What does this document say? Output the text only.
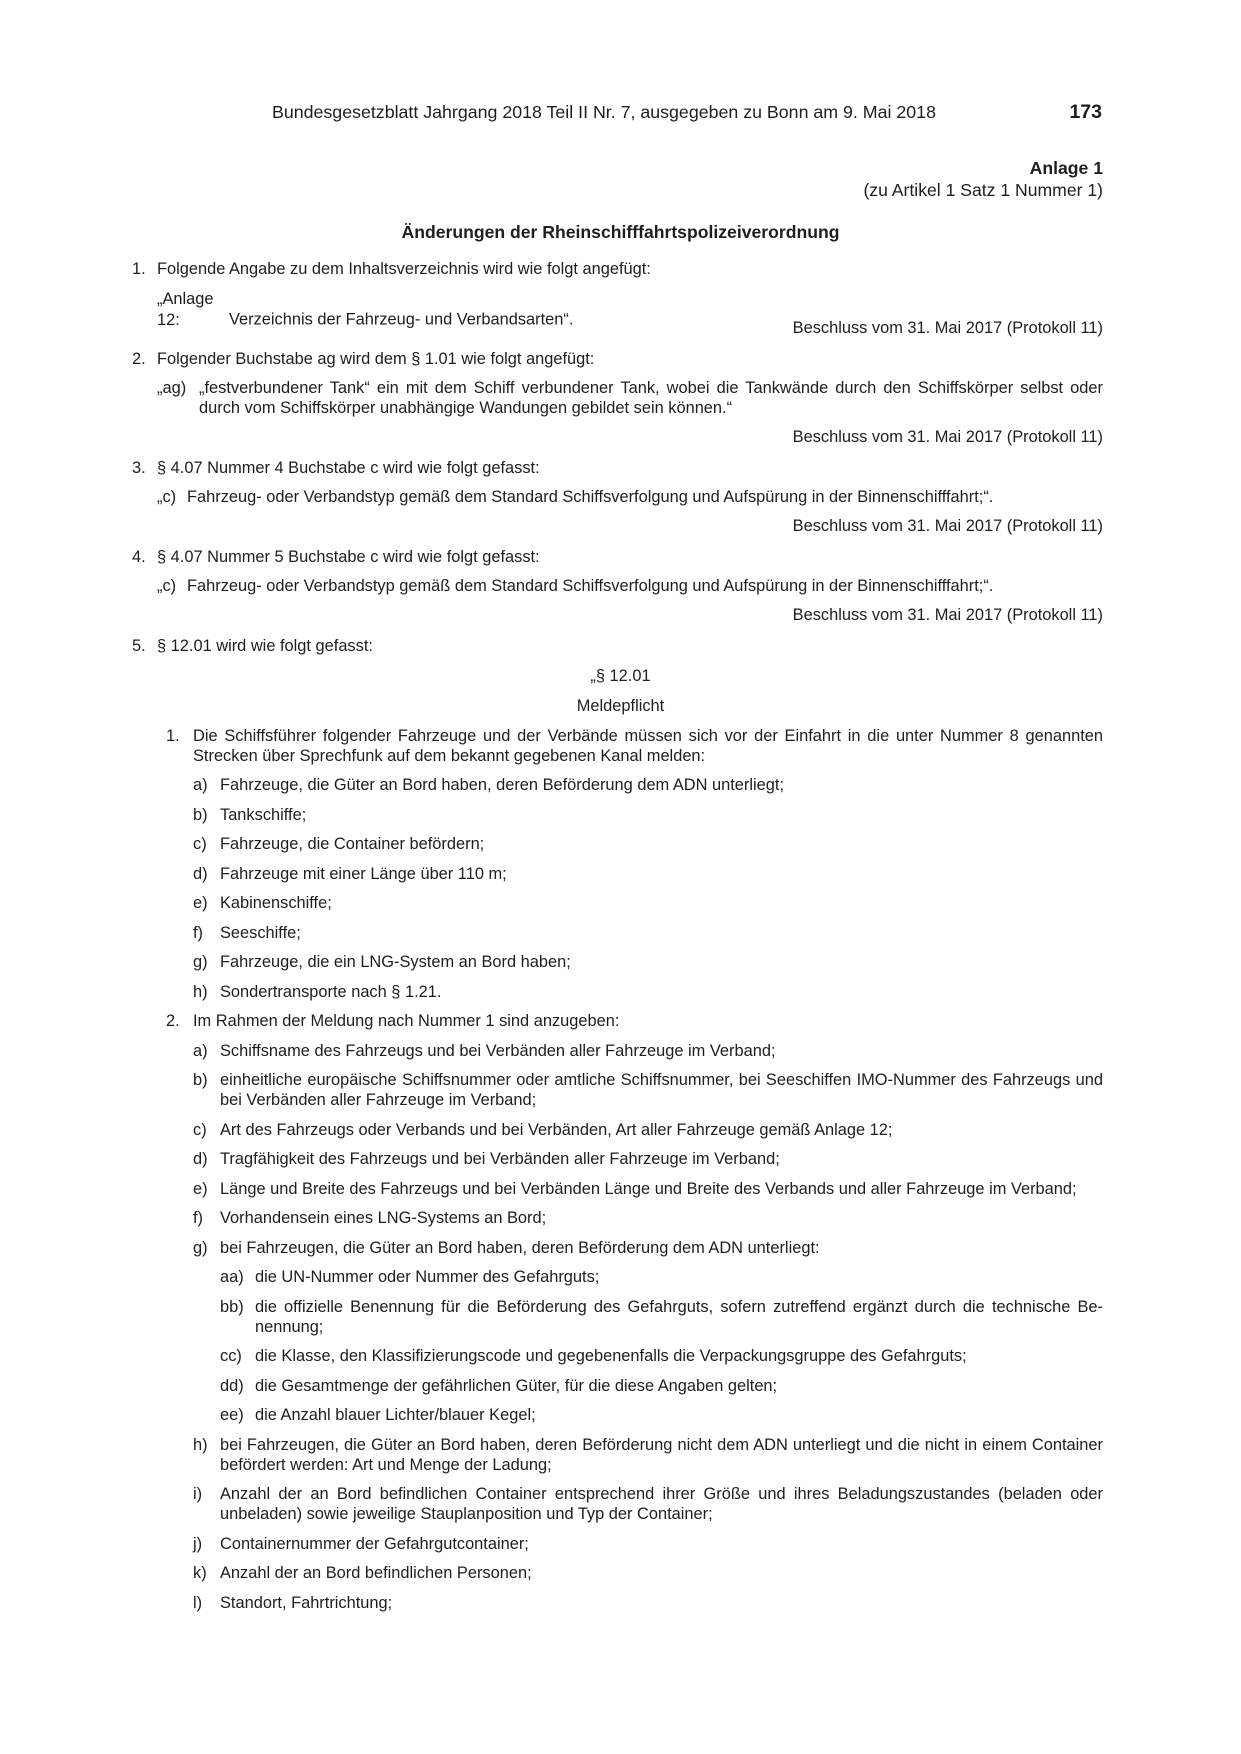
Bundesgesetzblatt Jahrgang 2018 Teil II Nr. 7, ausgegeben zu Bonn am 9. Mai 2018	173
Anlage 1
(zu Artikel 1 Satz 1 Nummer 1)
Änderungen der Rheinschifffahrtspolizeiverordnung
1. Folgende Angabe zu dem Inhaltsverzeichnis wird wie folgt angefügt:
„Anlage 12:	Verzeichnis der Fahrzeug- und Verbandsarten“.	Beschluss vom 31. Mai 2017 (Protokoll 11)
2. Folgender Buchstabe ag wird dem § 1.01 wie folgt angefügt:
„ag) „festverbundener Tank“ ein mit dem Schiff verbundener Tank, wobei die Tankwände durch den Schiffskörper selbst oder durch vom Schiffskörper unabhängige Wandungen gebildet sein können.“
Beschluss vom 31. Mai 2017 (Protokoll 11)
3. § 4.07 Nummer 4 Buchstabe c wird wie folgt gefasst:
„c) Fahrzeug- oder Verbandstyp gemäß dem Standard Schiffsverfolgung und Aufspürung in der Binnenschifffahrt;“.
Beschluss vom 31. Mai 2017 (Protokoll 11)
4. § 4.07 Nummer 5 Buchstabe c wird wie folgt gefasst:
„c) Fahrzeug- oder Verbandstyp gemäß dem Standard Schiffsverfolgung und Aufspürung in der Binnenschifffahrt;“.
Beschluss vom 31. Mai 2017 (Protokoll 11)
5. § 12.01 wird wie folgt gefasst:
„§ 12.01
Meldepflicht
1. Die Schiffsführer folgender Fahrzeuge und der Verbände müssen sich vor der Einfahrt in die unter Nummer 8 genannten Strecken über Sprechfunk auf dem bekannt gegebenen Kanal melden:
a) Fahrzeuge, die Güter an Bord haben, deren Beförderung dem ADN unterliegt;
b) Tankschiffe;
c) Fahrzeuge, die Container befördern;
d) Fahrzeuge mit einer Länge über 110 m;
e) Kabinenschiffe;
f) Seeschiffe;
g) Fahrzeuge, die ein LNG-System an Bord haben;
h) Sondertransporte nach § 1.21.
2. Im Rahmen der Meldung nach Nummer 1 sind anzugeben:
a) Schiffsname des Fahrzeugs und bei Verbänden aller Fahrzeuge im Verband;
b) einheitliche europäische Schiffsnummer oder amtliche Schiffsnummer, bei Seeschiffen IMO-Nummer des Fahrzeugs und bei Verbänden aller Fahrzeuge im Verband;
c) Art des Fahrzeugs oder Verbands und bei Verbänden, Art aller Fahrzeuge gemäß Anlage 12;
d) Tragfähigkeit des Fahrzeugs und bei Verbänden aller Fahrzeuge im Verband;
e) Länge und Breite des Fahrzeugs und bei Verbänden Länge und Breite des Verbands und aller Fahrzeuge im Verband;
f) Vorhandensein eines LNG-Systems an Bord;
g) bei Fahrzeugen, die Güter an Bord haben, deren Beförderung dem ADN unterliegt:
aa) die UN-Nummer oder Nummer des Gefahrguts;
bb) die offizielle Benennung für die Beförderung des Gefahrguts, sofern zutreffend ergänzt durch die technische Be-nennung;
cc) die Klasse, den Klassifizierungscode und gegebenenfalls die Verpackungsgruppe des Gefahrguts;
dd) die Gesamtmenge der gefährlichen Güter, für die diese Angaben gelten;
ee) die Anzahl blauer Lichter/blauer Kegel;
h) bei Fahrzeugen, die Güter an Bord haben, deren Beförderung nicht dem ADN unterliegt und die nicht in einem Container befördert werden: Art und Menge der Ladung;
i) Anzahl der an Bord befindlichen Container entsprechend ihrer Größe und ihres Beladungszustandes (beladen oder unbeladen) sowie jeweilige Stauplanposition und Typ der Container;
j) Containernummer der Gefahrgutcontainer;
k) Anzahl der an Bord befindlichen Personen;
l) Standort, Fahrtrichtung;
